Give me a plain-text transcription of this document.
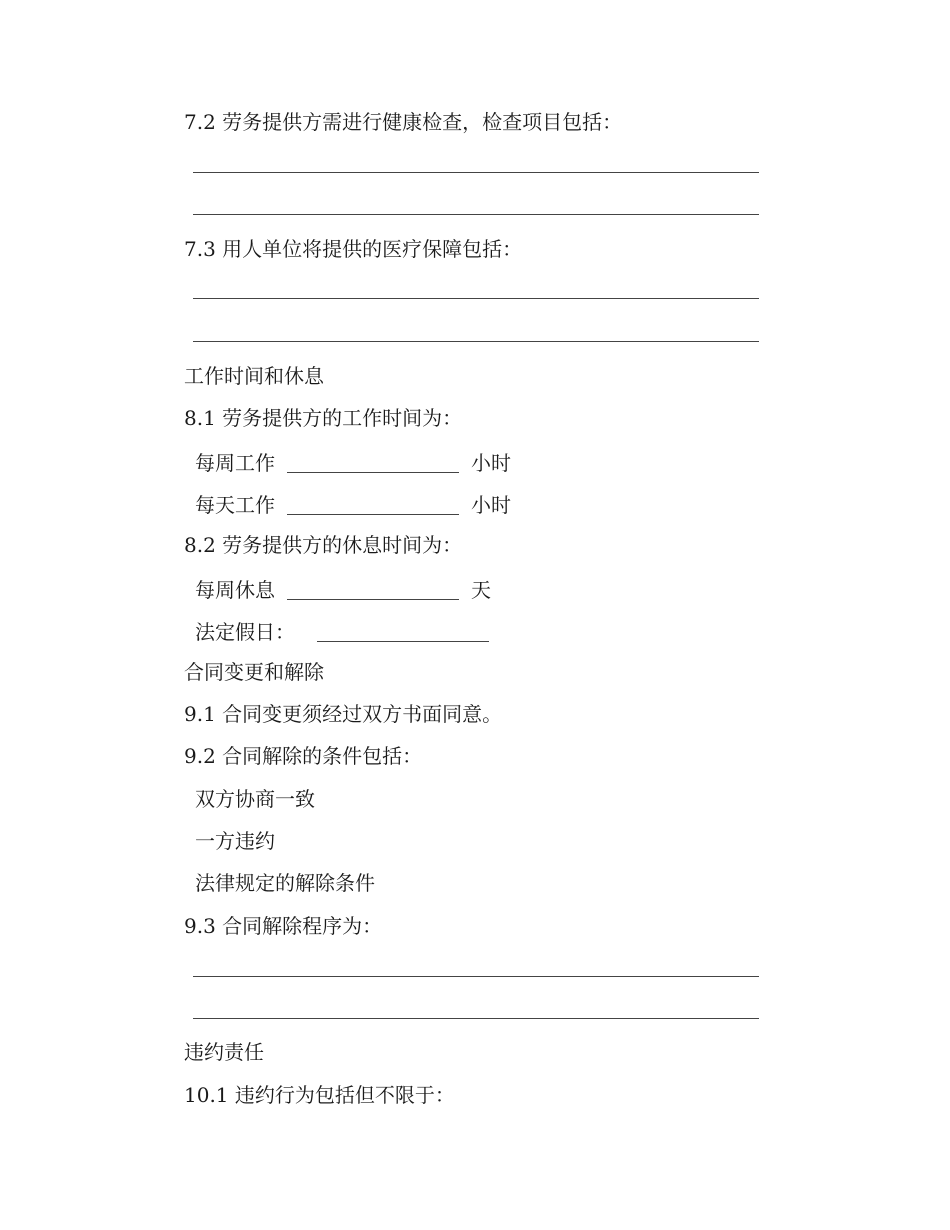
7.2 劳务提供方需进行健康检查，检查项目包括：
7.3 用人单位将提供的医疗保障包括：
工作时间和休息
8.1 劳务提供方的工作时间为：
每周工作	小时
每天工作	小时
8.2 劳务提供方的休息时间为：
每周休息	天
法定假日：
合同变更和解除
9.1 合同变更须经过双方书面同意。
9.2 合同解除的条件包括：
双方协商一致
一方违约
法律规定的解除条件
9.3 合同解除程序为：
违约责任
10.1 违约行为包括但不限于：
